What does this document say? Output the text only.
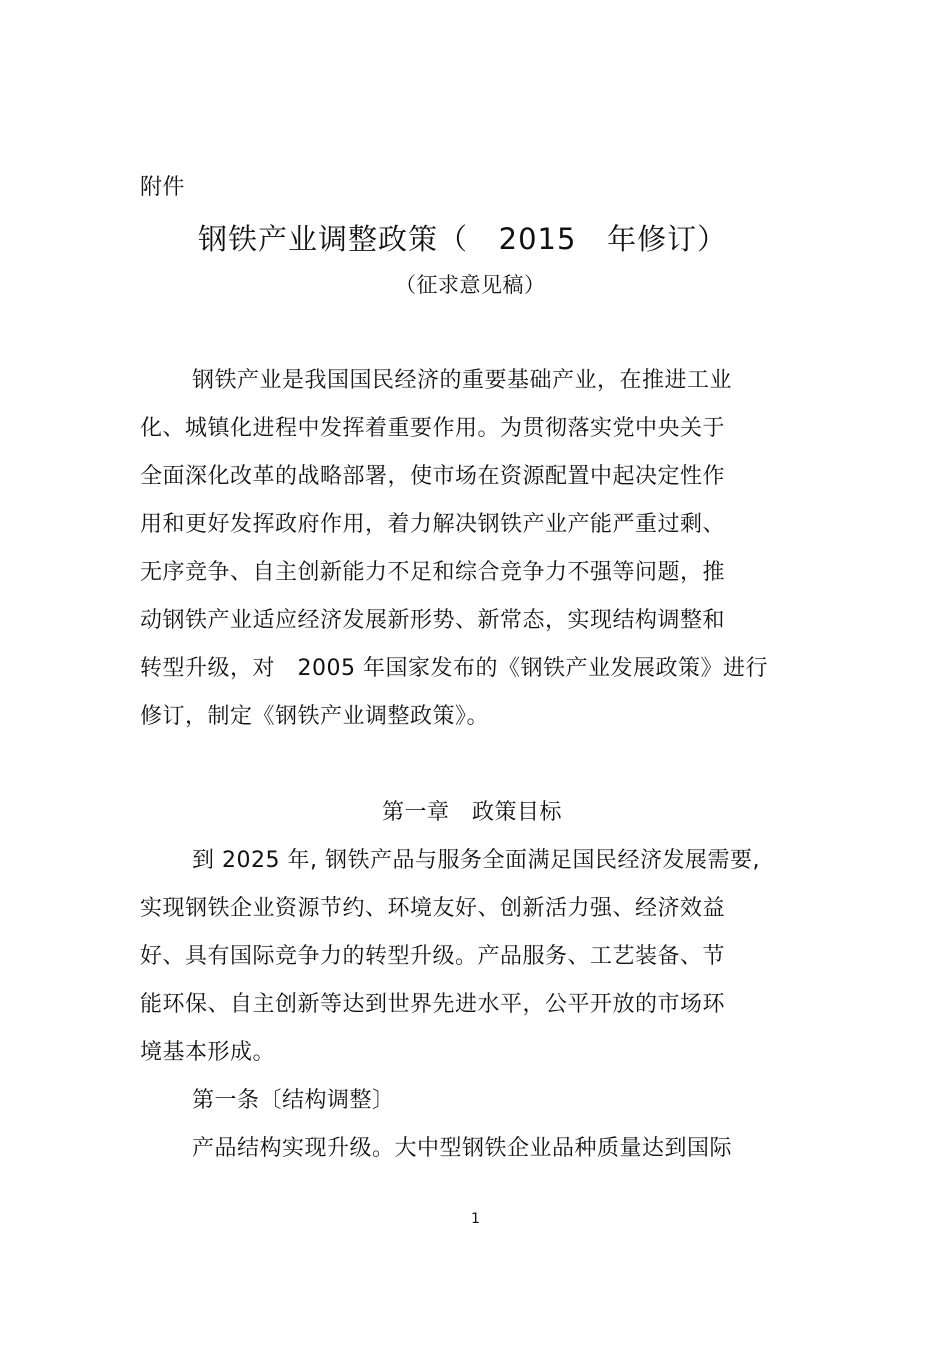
附件
钢铁产业调整政策（   2015   年修订）
（征求意见稿）
钢铁产业是我国国民经济的重要基础产业，在推进工业
化、城镇化进程中发挥着重要作用。为贯彻落实党中央关于
全面深化改革的战略部署，使市场在资源配置中起决定性作
用和更好发挥政府作用，着力解决钢铁产业产能严重过剩、
无序竞争、自主创新能力不足和综合竞争力不强等问题，推
动钢铁产业适应经济发展新形势、新常态，实现结构调整和
转型升级，对   2005 年国家发布的《钢铁产业发展政策》进行
修订，制定《钢铁产业调整政策》。
第一章   政策目标
到 2025 年, 钢铁产品与服务全面满足国民经济发展需要,
实现钢铁企业资源节约、环境友好、创新活力强、经济效益
好、具有国际竞争力的转型升级。产品服务、工艺装备、节
能环保、自主创新等达到世界先进水平，公平开放的市场环
境基本形成。
第一条〔结构调整〕
产品结构实现升级。大中型钢铁企业品种质量达到国际
1
